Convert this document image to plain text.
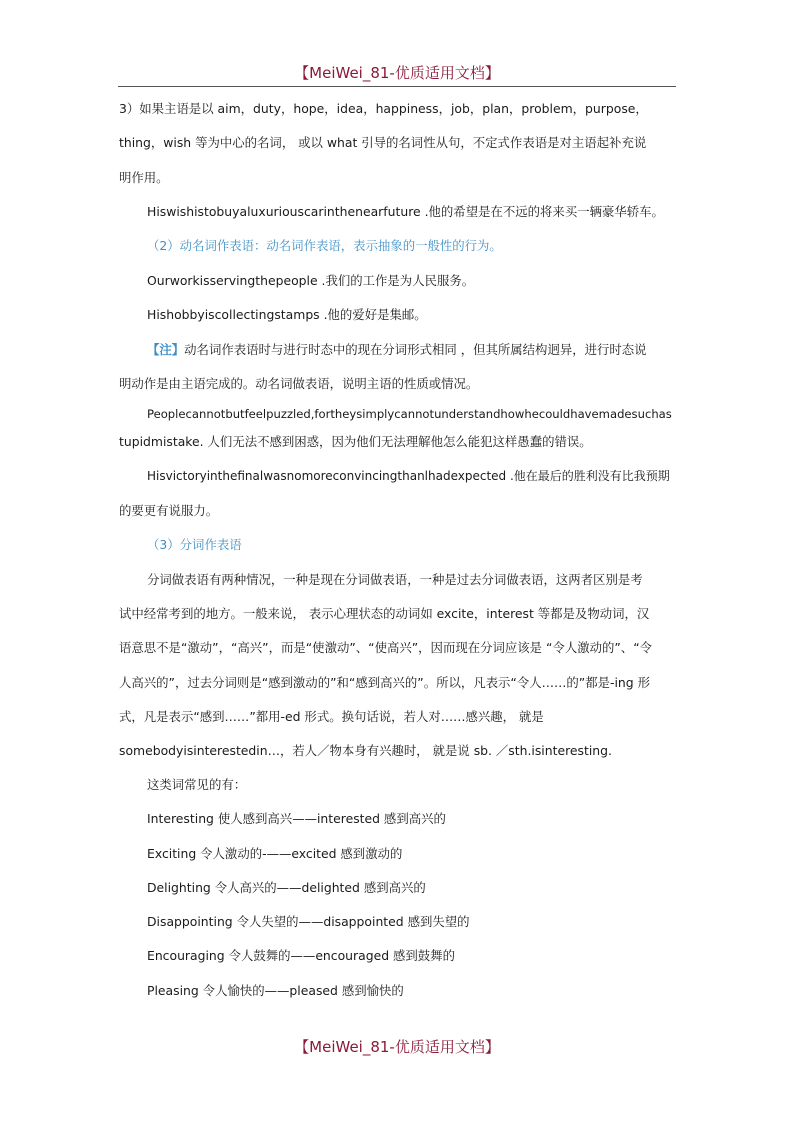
【MeiWei_81-优质适用文档】
3）如果主语是以 aim，duty，hope，idea，happiness，job，plan，problem，purpose，
thing，wish 等为中心的名词， 或以 what 引导的名词性从句，不定式作表语是对主语起补充说
明作用。
Hiswishistobuyaluxuriouscarinthenearfuture .他的希望是在不远的将来买一辆豪华轿车。
（2）动名词作表语：动名词作表语，表示抽象的一般性的行为。
Ourworkisservingthepeople .我们的工作是为人民服务。
Hishobbyiscollectingstamps .他的爱好是集邮。
【注】动名词作表语时与进行时态中的现在分词形式相同 ，但其所属结构迥异，进行时态说
明动作是由主语完成的。动名词做表语，说明主语的性质或情况。
Peoplecannotbutfeelpuzzled,fortheysimplycannotunderstandhowhecouldhavemadesuchas
tupidmistake. 人们无法不感到困惑，因为他们无法理解他怎么能犯这样愚蠢的错误。
Hisvictoryinthefinalwasnomoreconvincingthanlhadexpected .他在最后的胜利没有比我预期
的要更有说服力。
（3）分词作表语
分词做表语有两种情况，一种是现在分词做表语，一种是过去分词做表语，这两者区别是考
试中经常考到的地方。一般来说， 表示心理状态的动词如 excite，interest 等都是及物动词，汉
语意思不是“激动”，“高兴”，而是“使激动”、“使高兴”，因而现在分词应该是 “令人激动的”、“令
人高兴的”，过去分词则是“感到激动的”和“感到高兴的”。所以，凡表示“令人……的”都是-ing 形
式，凡是表示“感到……”都用-ed 形式。换句话说，若人对……感兴趣， 就是
somebodyisinterestedin…，若人／物本身有兴趣时， 就是说 sb. ／sth.isinteresting.
这类词常见的有：
Interesting 使人感到高兴——interested 感到高兴的
Exciting 令人激动的-——excited 感到激动的
Delighting 令人高兴的——delighted 感到高兴的
Disappointing 令人失望的——disappointed 感到失望的
Encouraging 令人鼓舞的——encouraged 感到鼓舞的
Pleasing 令人愉快的——pleased 感到愉快的
【MeiWei_81-优质适用文档】
